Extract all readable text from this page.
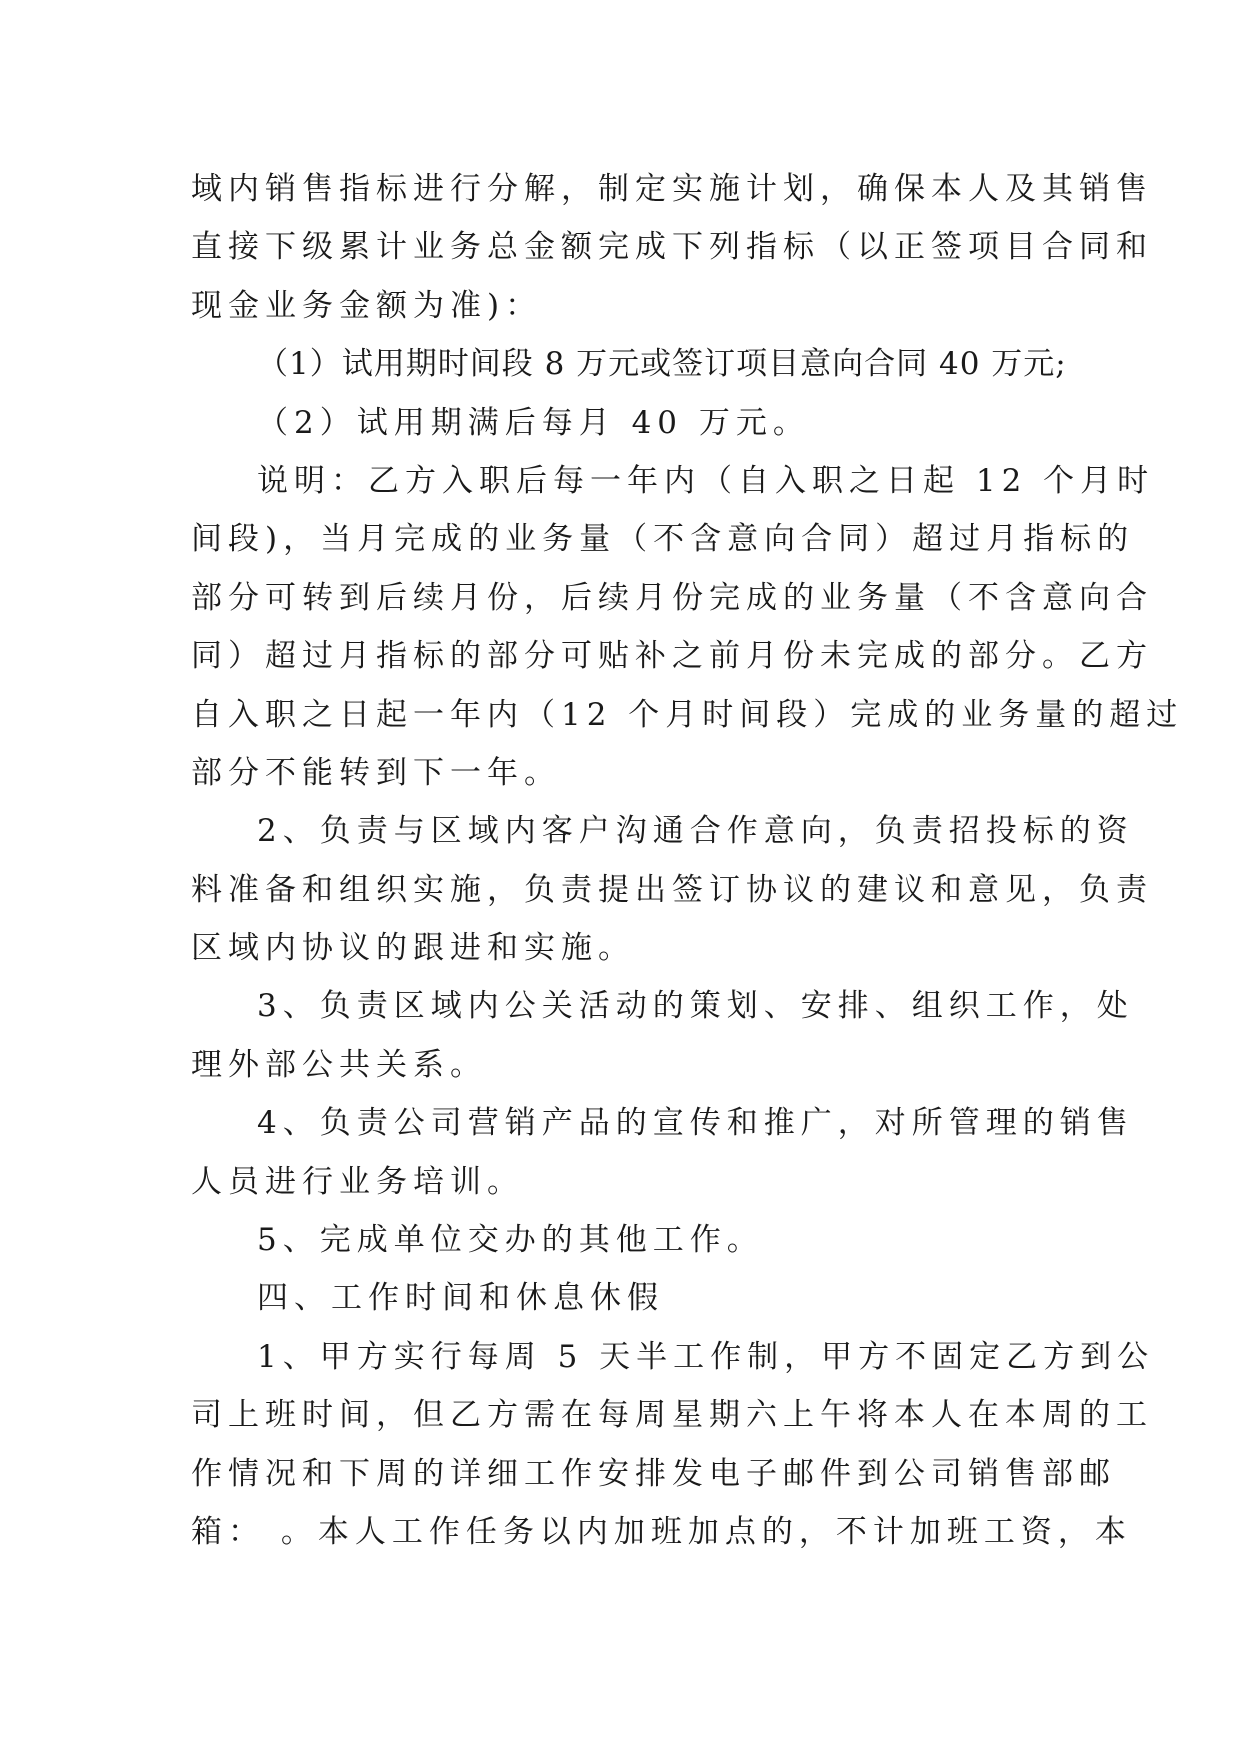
域内销售指标进行分解，制定实施计划，确保本人及其销售
直接下级累计业务总金额完成下列指标（以正签项目合同和
现金业务金额为准)：
（1）试用期时间段 8 万元或签订项目意向合同 40 万元;
（2）试用期满后每月 40 万元。
说明：乙方入职后每一年内（自入职之日起 12 个月时
间段)，当月完成的业务量（不含意向合同）超过月指标的
部分可转到后续月份，后续月份完成的业务量（不含意向合
同）超过月指标的部分可贴补之前月份未完成的部分。乙方
自入职之日起一年内（12 个月时间段）完成的业务量的超过
部分不能转到下一年。
2、负责与区域内客户沟通合作意向，负责招投标的资
料准备和组织实施，负责提出签订协议的建议和意见，负责
区域内协议的跟进和实施。
3、负责区域内公关活动的策划、安排、组织工作，处
理外部公共关系。
4、负责公司营销产品的宣传和推广，对所管理的销售
人员进行业务培训。
5、完成单位交办的其他工作。
四、工作时间和休息休假
1、甲方实行每周 5 天半工作制，甲方不固定乙方到公
司上班时间，但乙方需在每周星期六上午将本人在本周的工
作情况和下周的详细工作安排发电子邮件到公司销售部邮
箱： 。本人工作任务以内加班加点的，不计加班工资，本
